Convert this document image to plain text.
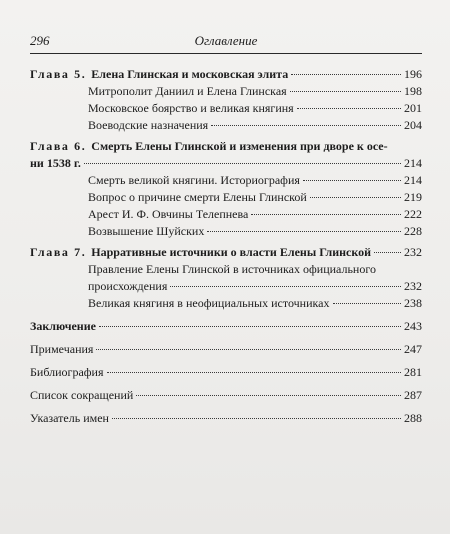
296	Оглавление
Глава 5. Елена Глинская и московская элита	196
Митрополит Даниил и Елена Глинская	198
Московское боярство и великая княгиня	201
Воеводские назначения	204
Глава 6. Смерть Елены Глинской и изменения при дворе к осе-
ни 1538 г.	214
Смерть великой княгини. Историография	214
Вопрос о причине смерти Елены Глинской	219
Арест И. Ф. Овчины Телепнева	222
Возвышение Шуйских	228
Глава 7. Нарративные источники о власти Елены Глинской	232
Правление Елены Глинской в источниках официального
происхождения	232
Великая княгиня в неофициальных источниках	238
Заключение	243
Примечания	247
Библиография	281
Список сокращений	287
Указатель имен	288
